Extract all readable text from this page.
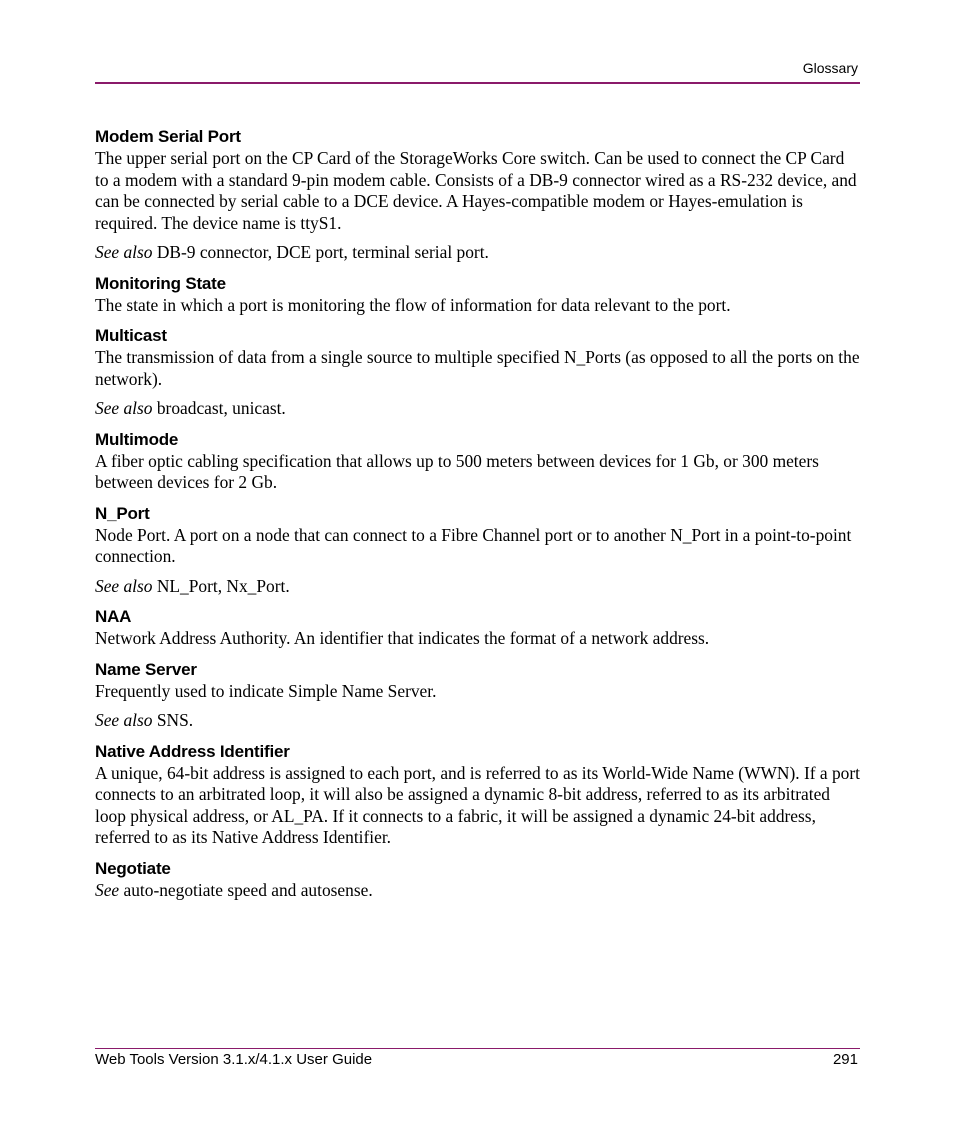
Glossary
Modem Serial Port

The upper serial port on the CP Card of the StorageWorks Core switch. Can be used to connect the CP Card to a modem with a standard 9-pin modem cable. Consists of a DB-9 connector wired as a RS-232 device, and can be connected by serial cable to a DCE device. A Hayes-compatible modem or Hayes-emulation is required. The device name is ttyS1.

See also DB-9 connector, DCE port, terminal serial port.

Monitoring State

The state in which a port is monitoring the flow of information for data relevant to the port.

Multicast

The transmission of data from a single source to multiple specified N_Ports (as opposed to all the ports on the network).

See also broadcast, unicast.

Multimode

A fiber optic cabling specification that allows up to 500 meters between devices for 1 Gb, or 300 meters between devices for 2 Gb.

N_Port

Node Port. A port on a node that can connect to a Fibre Channel port or to another N_Port in a point-to-point connection.

See also NL_Port, Nx_Port.

NAA

Network Address Authority. An identifier that indicates the format of a network address.

Name Server

Frequently used to indicate Simple Name Server.

See also SNS.

Native Address Identifier

A unique, 64-bit address is assigned to each port, and is referred to as its World-Wide Name (WWN). If a port connects to an arbitrated loop, it will also be assigned a dynamic 8-bit address, referred to as its arbitrated loop physical address, or AL_PA. If it connects to a fabric, it will be assigned a dynamic 24-bit address, referred to as its Native Address Identifier.

Negotiate

See auto-negotiate speed and autosense.

Web Tools Version 3.1.x/4.1.x User Guide	291
